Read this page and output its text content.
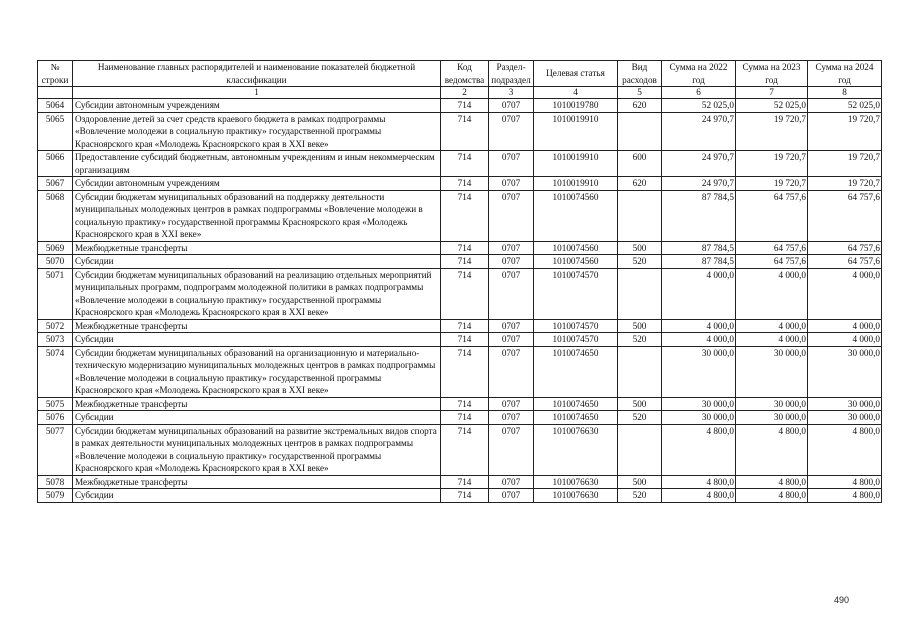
№ строки	Наименование главных распорядителей и наименование показателей бюджетной классификации	Код ведомства	Раздел-подраздел	Целевая статья	Вид расходов	Сумма на 2022 год	Сумма на 2023 год	Сумма на 2024 год
	1	2	3	4	5	6	7	8
5064	Субсидии автономным учреждениям	714	0707	1010019780	620	52 025,0	52 025,0	52 025,0
5065	Оздоровление детей за счет средств краевого бюджета в рамках подпрограммы «Вовлечение молодежи в социальную практику» государственной программы Красноярского края «Молодежь Красноярского края в XXI веке»	714	0707	1010019910		24 970,7	19 720,7	19 720,7
5066	Предоставление субсидий бюджетным, автономным учреждениям и иным некоммерческим организациям	714	0707	1010019910	600	24 970,7	19 720,7	19 720,7
5067	Субсидии автономным учреждениям	714	0707	1010019910	620	24 970,7	19 720,7	19 720,7
5068	Субсидии бюджетам муниципальных образований на поддержку деятельности муниципальных молодежных центров в рамках подпрограммы «Вовлечение молодежи в социальную практику» государственной программы Красноярского края «Молодежь Красноярского края в XXI веке»	714	0707	1010074560		87 784,5	64 757,6	64 757,6
5069	Межбюджетные трансферты	714	0707	1010074560	500	87 784,5	64 757,6	64 757,6
5070	Субсидии	714	0707	1010074560	520	87 784,5	64 757,6	64 757,6
5071	Субсидии бюджетам муниципальных образований на реализацию отдельных мероприятий муниципальных программ, подпрограмм молодежной политики в рамках подпрограммы «Вовлечение молодежи в социальную практику» государственной программы Красноярского края «Молодежь Красноярского края в XXI веке»	714	0707	1010074570		4 000,0	4 000,0	4 000,0
5072	Межбюджетные трансферты	714	0707	1010074570	500	4 000,0	4 000,0	4 000,0
5073	Субсидии	714	0707	1010074570	520	4 000,0	4 000,0	4 000,0
5074	Субсидии бюджетам муниципальных образований на организационную и материально-техническую модернизацию муниципальных молодежных центров в рамках подпрограммы «Вовлечение молодежи в социальную практику» государственной программы Красноярского края «Молодежь Красноярского края в XXI веке»	714	0707	1010074650		30 000,0	30 000,0	30 000,0
5075	Межбюджетные трансферты	714	0707	1010074650	500	30 000,0	30 000,0	30 000,0
5076	Субсидии	714	0707	1010074650	520	30 000,0	30 000,0	30 000,0
5077	Субсидии бюджетам муниципальных образований на развитие экстремальных видов спорта в рамках деятельности муниципальных молодежных центров в рамках подпрограммы «Вовлечение молодежи в социальную практику» государственной программы Красноярского края «Молодежь Красноярского края в XXI веке»	714	0707	1010076630		4 800,0	4 800,0	4 800,0
5078	Межбюджетные трансферты	714	0707	1010076630	500	4 800,0	4 800,0	4 800,0
5079	Субсидии	714	0707	1010076630	520	4 800,0	4 800,0	4 800,0
490
